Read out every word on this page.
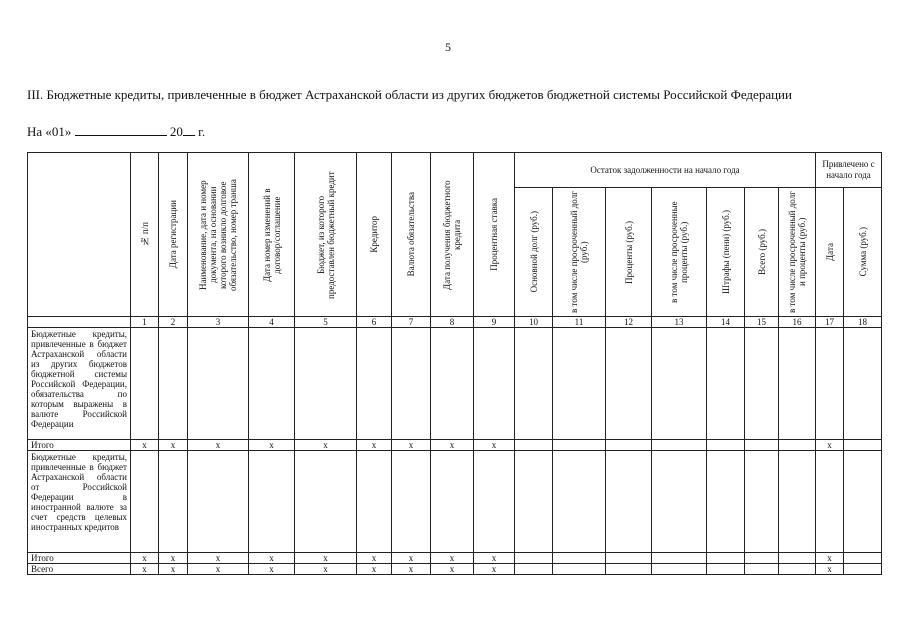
5
III. Бюджетные кредиты, привлеченные в бюджет Астраханской области из других бюджетов бюджетной системы Российской Федерации
На «01»	20 г.

	№ п/п	Дата регистрации	Наименование, дата и номер документа, на основании которого возникло долговое обязательство, номер транша	Дата номер изменений в договор/соглашение	Бюджет, из которого предоставлен бюджетный кредит	Кредитор	Валюта обязательства	Дата получения бюджетного кредита	Процентная ставка	Остаток задолженности на начало года							Привлечено с начало года	

										Основной долг (руб.)	в том числе просроченный долг (руб.)	Проценты (руб.)	в том числе просроченные проценты (руб.)	Штрафы (пени) (руб.)	Всего (руб.)	в том числе просроченный долг и проценты (руб.)	Дата	Сумма (руб.)

	1	2	3	4	5	6	7	8	9	10	11	12	13	14	15	16	17	18
Бюджетные кредиты, привлеченные в бюджет Астраханской области из других бюджетов бюджетной системы Российской Федерации, обязательства по которым выражены в валюте Российской Федерации																		
Итого	х	х	х	х	х	х	х	х	х								х	
Бюджетные кредиты, привлеченные в бюджет Астраханской области от Российской Федерации в иностранной валюте за счет средств целевых иностранных кредитов																		
Итого	х	х	х	х	х	х	х	х	х								х	
Всего	х	х	х	х	х	х	х	х	х								х	
